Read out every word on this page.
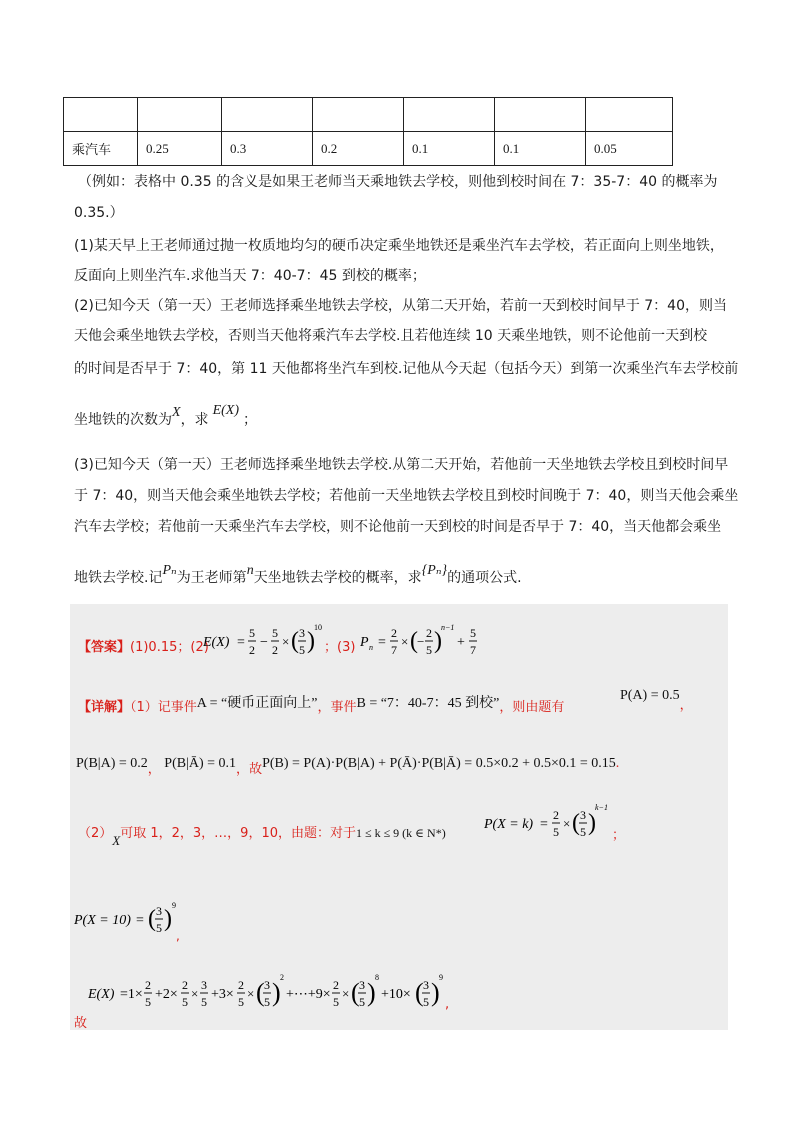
乘汽车	0.25	0.3	0.2	0.1	0.1	0.05
（例如：表格中 0.35 的含义是如果王老师当天乘地铁去学校，则他到校时间在 7：35-7：40 的概率为
0.35.）
(1)某天早上王老师通过抛一枚质地均匀的硬币决定乘坐地铁还是乘坐汽车去学校，若正面向上则坐地铁，
反面向上则坐汽车.求他当天 7：40-7：45 到校的概率；
(2)已知今天（第一天）王老师选择乘坐地铁去学校，从第二天开始，若前一天到校时间早于 7：40，则当
天他会乘坐地铁去学校，否则当天他将乘汽车去学校.且若他连续 10 天乘坐地铁，则不论他前一天到校
的时间是否早于 7：40，第 11 天他都将坐汽车到校.记他从今天起（包括今天）到第一次乘坐汽车去学校前
坐地铁的次数为X，求E(X)；
(3)已知今天（第一天）王老师选择乘坐地铁去学校.从第二天开始，若他前一天坐地铁去学校且到校时间早
于 7：40，则当天他会乘坐地铁去学校；若他前一天坐地铁去学校且到校时间晚于 7：40，则当天他会乘坐
汽车去学校；若他前一天乘坐汽车去学校，则不论他前一天到校的时间是否早于 7：40，当天他都会乘坐
地铁去学校.记Pₙ为王老师第n天坐地铁去学校的概率，求{Pₙ}的通项公式.
【答案】(1)0.15；(2)
E(X) =
5
2 −
5
2
× ( 3
5 )
10
；(3) P n =
2
7
× ( −
2
5 )
n−1
+
5
7
【详解】（1）记事件A = “硬币正面向上”，事件B = “7：40-7：45 到校”，则由题有
P(A) = 0.5，
P(B|A) = 0.2， P(B|Ā) = 0.1，故P(B) = P(A)·P(B|A) + P(Ā)·P(B|Ā) = 0.5×0.2 + 0.5×0.1 = 0.15.
（2）X可取 1，2，3，…，9，10，由题：对于1 ≤ k ≤ 9 (k ∈ N*)
P(X = k) =
2
5
× ( 3
5 )
k−1
；
P(X = 10) = ( 3
5 )
9
,
故
E(X) =1×
2
5 +2×
2
5
×
3
5 +3×
2
5
× ( 3
5 )
2
+⋯+9×
2
5
× ( 3
5 )
8
+10× ( 3
5 )
9
,
